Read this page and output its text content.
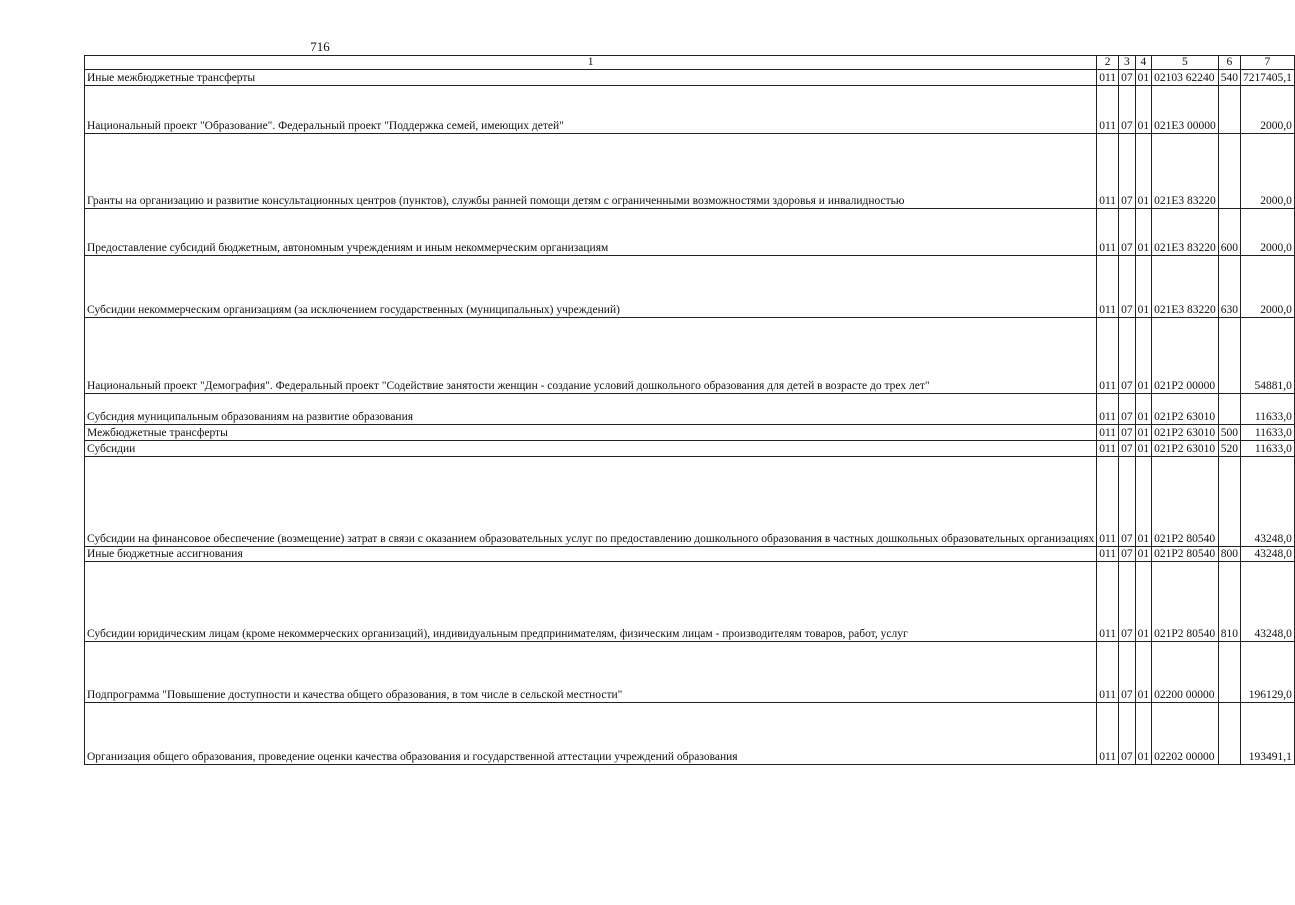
716
1	2	3	4	5	6	7
Иные межбюджетные трансферты	011	07	01	02103 62240	540	7217405,1
Национальный проект "Образование". Федеральный проект "Поддержка семей, имеющих детей"	011	07	01	021E3 00000		2000,0
Гранты на организацию и развитие консультационных центров (пунктов), службы ранней помощи детям с ограниченными возможностями здоровья и инвалидностью	011	07	01	021E3 83220		2000,0
Предоставление субсидий бюджетным, автономным учреждениям и иным некоммерческим организациям	011	07	01	021E3 83220	600	2000,0
Субсидии некоммерческим организациям (за исключением государственных (муниципальных) учреждений)	011	07	01	021E3 83220	630	2000,0
Национальный проект "Демография". Федеральный проект "Содействие занятости женщин - создание условий дошкольного образования для детей в возрасте до трех лет"	011	07	01	021P2 00000		54881,0
Субсидия муниципальным образованиям на развитие образования	011	07	01	021P2 63010		11633,0
Межбюджетные трансферты	011	07	01	021P2 63010	500	11633,0
Субсидии	011	07	01	021P2 63010	520	11633,0
Субсидии на финансовое обеспечение (возмещение) затрат в связи с оказанием образовательных услуг по предоставлению дошкольного образования в частных дошкольных образовательных организациях	011	07	01	021P2 80540		43248,0
Иные бюджетные ассигнования	011	07	01	021P2 80540	800	43248,0
Субсидии юридическим лицам (кроме некоммерческих организаций), индивидуальным предпринимателям, физическим лицам - производителям товаров, работ, услуг	011	07	01	021P2 80540	810	43248,0
Подпрограмма "Повышение доступности и качества общего образования, в том числе в сельской местности"	011	07	01	02200 00000		196129,0
Организация общего образования, проведение оценки качества образования и государственной аттестации учреждений образования	011	07	01	02202 00000		193491,1
